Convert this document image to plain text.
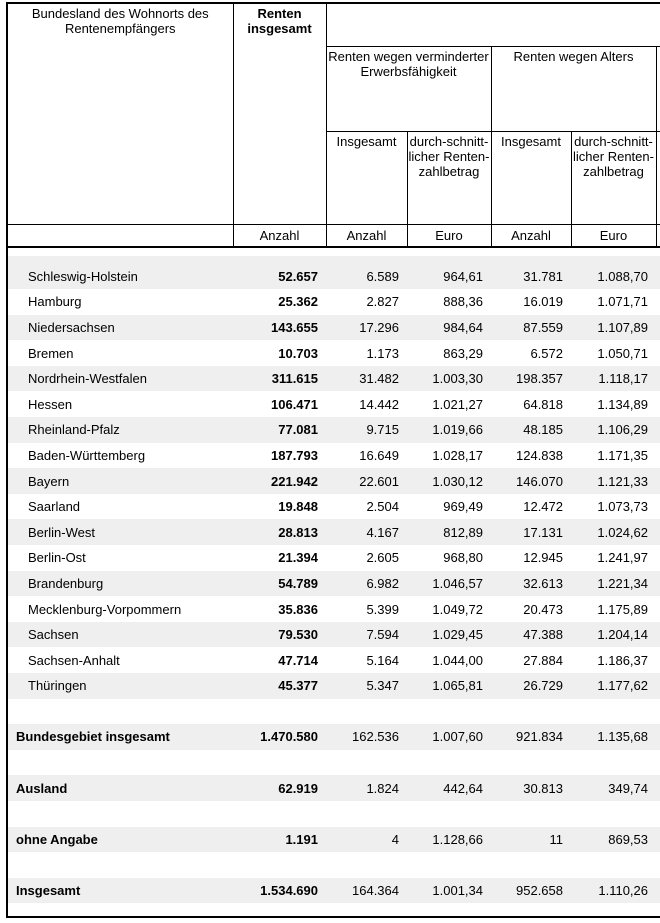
Bundesland des Wohnorts des Rentenempfängers	Renten insgesamt					
		Renten wegen verminderter Erwerbsfähigkeit		Renten wegen Alters		
		Insgesamt	durch-schnitt-licher Renten-zahlbetrag	Insgesamt	durch-schnitt-licher Renten-zahlbetrag	
	Anzahl	Anzahl	Euro	Anzahl	Euro	

Schleswig-Holstein	52.657	6.589	964,61	31.781	1.088,70	
Hamburg	25.362	2.827	888,36	16.019	1.071,71	
Niedersachsen	143.655	17.296	984,64	87.559	1.107,89	
Bremen	10.703	1.173	863,29	6.572	1.050,71	
Nordrhein-Westfalen	311.615	31.482	1.003,30	198.357	1.118,17	
Hessen	106.471	14.442	1.021,27	64.818	1.134,89	
Rheinland-Pfalz	77.081	9.715	1.019,66	48.185	1.106,29	
Baden-Württemberg	187.793	16.649	1.028,17	124.838	1.171,35	
Bayern	221.942	22.601	1.030,12	146.070	1.121,33	
Saarland	19.848	2.504	969,49	12.472	1.073,73	
Berlin-West	28.813	4.167	812,89	17.131	1.024,62	
Berlin-Ost	21.394	2.605	968,80	12.945	1.241,97	
Brandenburg	54.789	6.982	1.046,57	32.613	1.221,34	
Mecklenburg-Vorpommern	35.836	5.399	1.049,72	20.473	1.175,89	
Sachsen	79.530	7.594	1.029,45	47.388	1.204,14	
Sachsen-Anhalt	47.714	5.164	1.044,00	27.884	1.186,37	
Thüringen	45.377	5.347	1.065,81	26.729	1.177,62	

Bundesgebiet insgesamt	1.470.580	162.536	1.007,60	921.834	1.135,68	

Ausland	62.919	1.824	442,64	30.813	349,74	

ohne Angabe	1.191	4	1.128,66	11	869,53	

Insgesamt	1.534.690	164.364	1.001,34	952.658	1.110,26	
